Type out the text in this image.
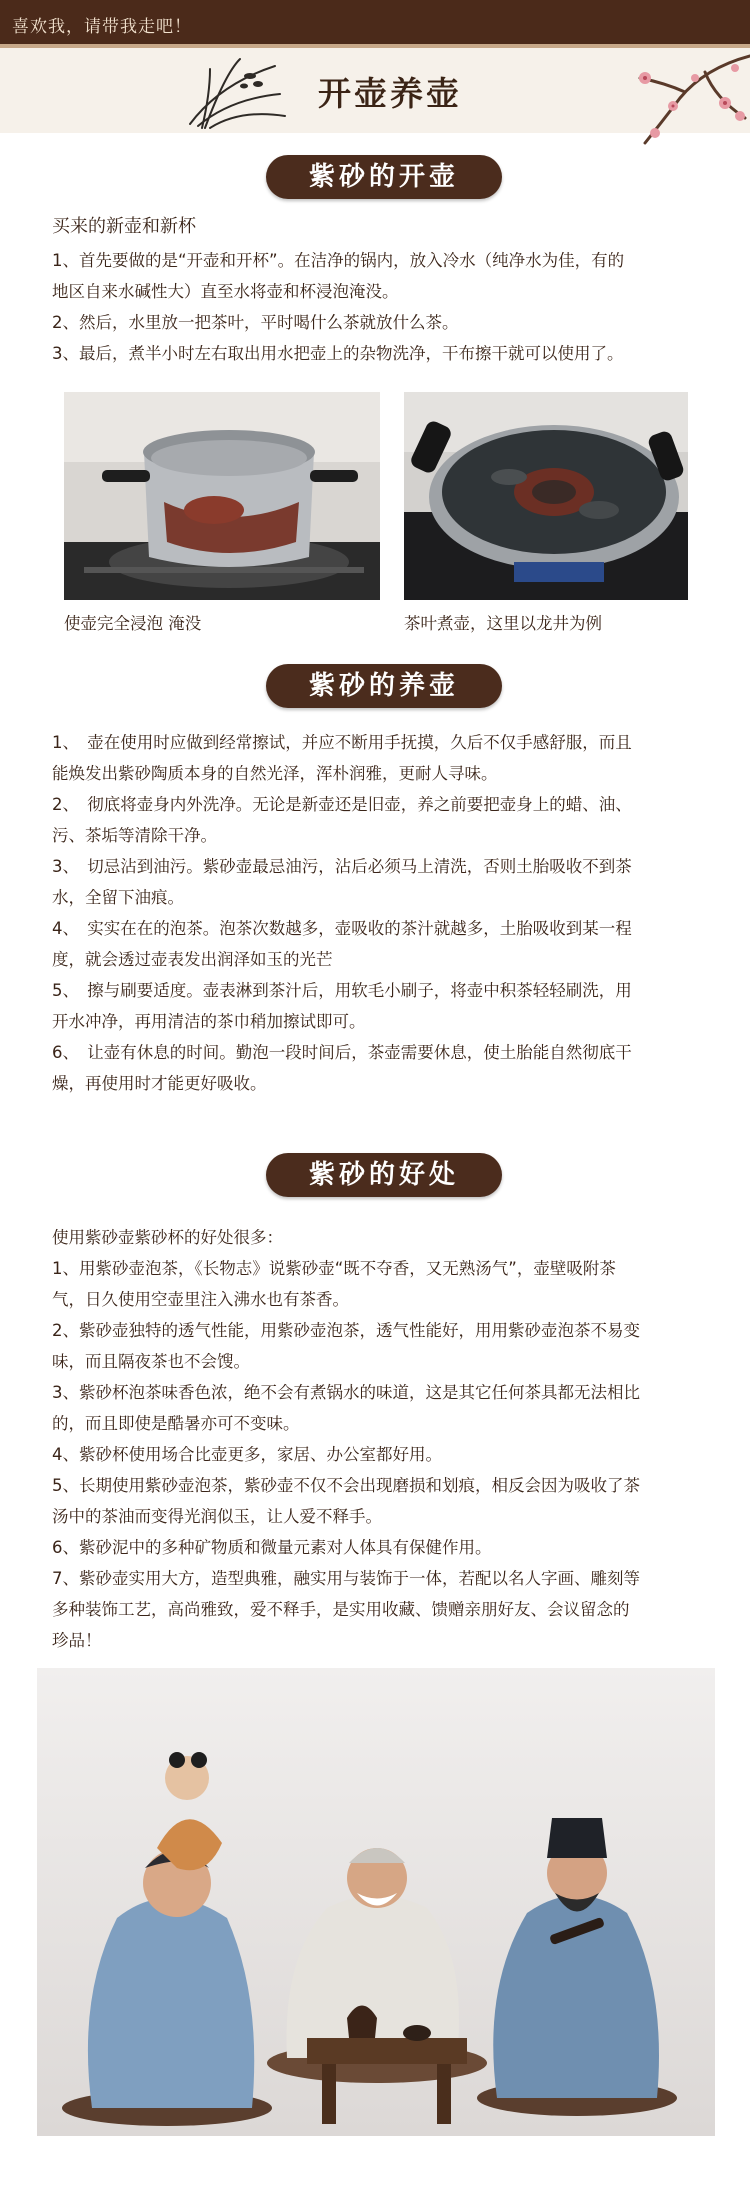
喜欢我，请带我走吧！
开壶养壶
紫砂的开壶
买来的新壶和新杯

1、首先要做的是“开壶和开杯”。在洁净的锅内，放入冷水（纯净水为佳，有的

地区自来水碱性大）直至水将壶和杯浸泡淹没。

2、然后，水里放一把茶叶，平时喝什么茶就放什么茶。

3、最后，煮半小时左右取出用水把壶上的杂物洗净，干布擦干就可以使用了。

使壶完全浸泡 淹没	茶叶煮壶，这里以龙井为例
紫砂的养壶

1、　壶在使用时应做到经常擦试，并应不断用手抚摸，久后不仅手感舒服，而且

能焕发出紫砂陶质本身的自然光泽，浑朴润雅，更耐人寻味。

2、　彻底将壶身内外洗净。无论是新壶还是旧壶，养之前要把壶身上的蜡、油、

污、茶垢等清除干净。

3、　切忌沾到油污。紫砂壶最忌油污，沾后必须马上清洗，否则土胎吸收不到茶

水，全留下油痕。

4、　实实在在的泡茶。泡茶次数越多，壶吸收的茶汁就越多，土胎吸收到某一程

度，就会透过壶表发出润泽如玉的光芒

5、　擦与刷要适度。壶表淋到茶汁后，用软毛小刷子，将壶中积茶轻轻刷洗，用

开水冲净，再用清洁的茶巾稍加擦试即可。

6、　让壶有休息的时间。勤泡一段时间后，茶壶需要休息，使土胎能自然彻底干

燥，再使用时才能更好吸收。

紫砂的好处

使用紫砂壶紫砂杯的好处很多：

1、用紫砂壶泡茶，《长物志》说紫砂壶“既不夺香，又无熟汤气”，壶壁吸附茶

气，日久使用空壶里注入沸水也有茶香。

2、紫砂壶独特的透气性能，用紫砂壶泡茶，透气性能好，用用紫砂壶泡茶不易变

味，而且隔夜茶也不会馊。

3、紫砂杯泡茶味香色浓，绝不会有煮锅水的味道，这是其它任何茶具都无法相比

的，而且即使是酷暑亦可不变味。

4、紫砂杯使用场合比壶更多，家居、办公室都好用。

5、长期使用紫砂壶泡茶，紫砂壶不仅不会出现磨损和划痕，相反会因为吸收了茶

汤中的茶油而变得光润似玉，让人爱不释手。

6、紫砂泥中的多种矿物质和微量元素对人体具有保健作用。

7、紫砂壶实用大方，造型典雅，融实用与装饰于一体，若配以名人字画、雕刻等

多种装饰工艺，高尚雅致，爱不释手，是实用收藏、馈赠亲朋好友、会议留念的

珍品！
